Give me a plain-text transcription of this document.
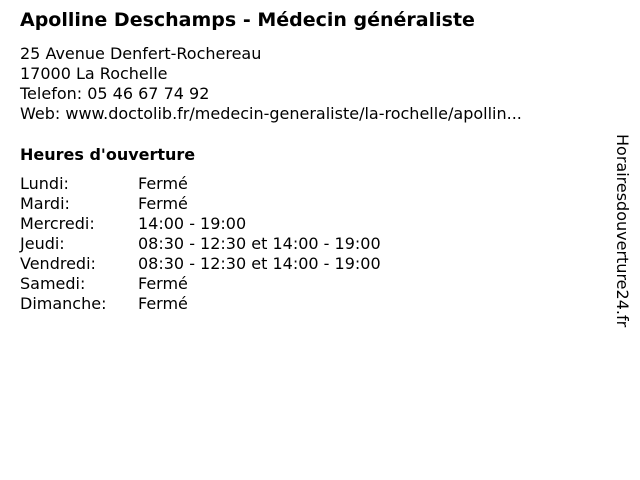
Apolline Deschamps - Médecin généraliste
25 Avenue Denfert-Rochereau
17000 La Rochelle
Telefon: 05 46 67 74 92
Web: www.doctolib.fr/medecin-generaliste/la-rochelle/apollin...
Heures d'ouverture
Lundi:	Fermé
Mardi:	Fermé
Mercredi:	14:00 - 19:00
Jeudi:	08:30 - 12:30 et 14:00 - 19:00
Vendredi:	08:30 - 12:30 et 14:00 - 19:00
Samedi:	Fermé
Dimanche: Fermé	Horairesdouverture24.fr
